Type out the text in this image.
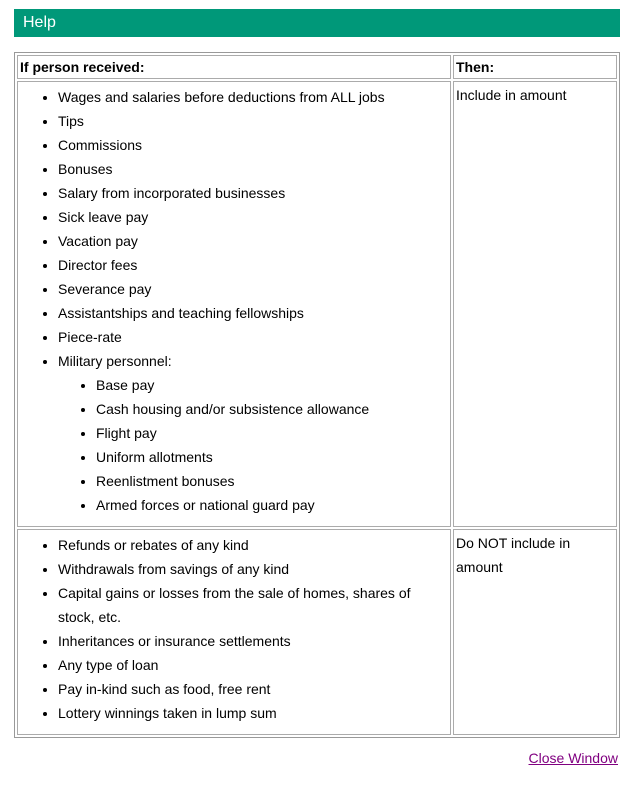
Help
If person received:	Then:

• Wages and salaries before deductions from ALL jobs
• Tips
• Commissions
• Bonuses
• Salary from incorporated businesses
• Sick leave pay
• Vacation pay
• Director fees
• Severance pay
• Assistantships and teaching fellowships
• Piece-rate
• Military personnel:
• Base pay
• Cash housing and/or subsistence allowance
• Flight pay
• Uniform allotments
• Reenlistment bonuses
• Armed forces or national guard pay
	Include in amount

• Refunds or rebates of any kind
• Withdrawals from savings of any kind
• Capital gains or losses from the sale of homes, shares of stock, etc.
• Inheritances or insurance settlements
• Any type of loan
• Pay in-kind such as food, free rent
• Lottery winnings taken in lump sum
	Do NOT include in amount
Close Window
